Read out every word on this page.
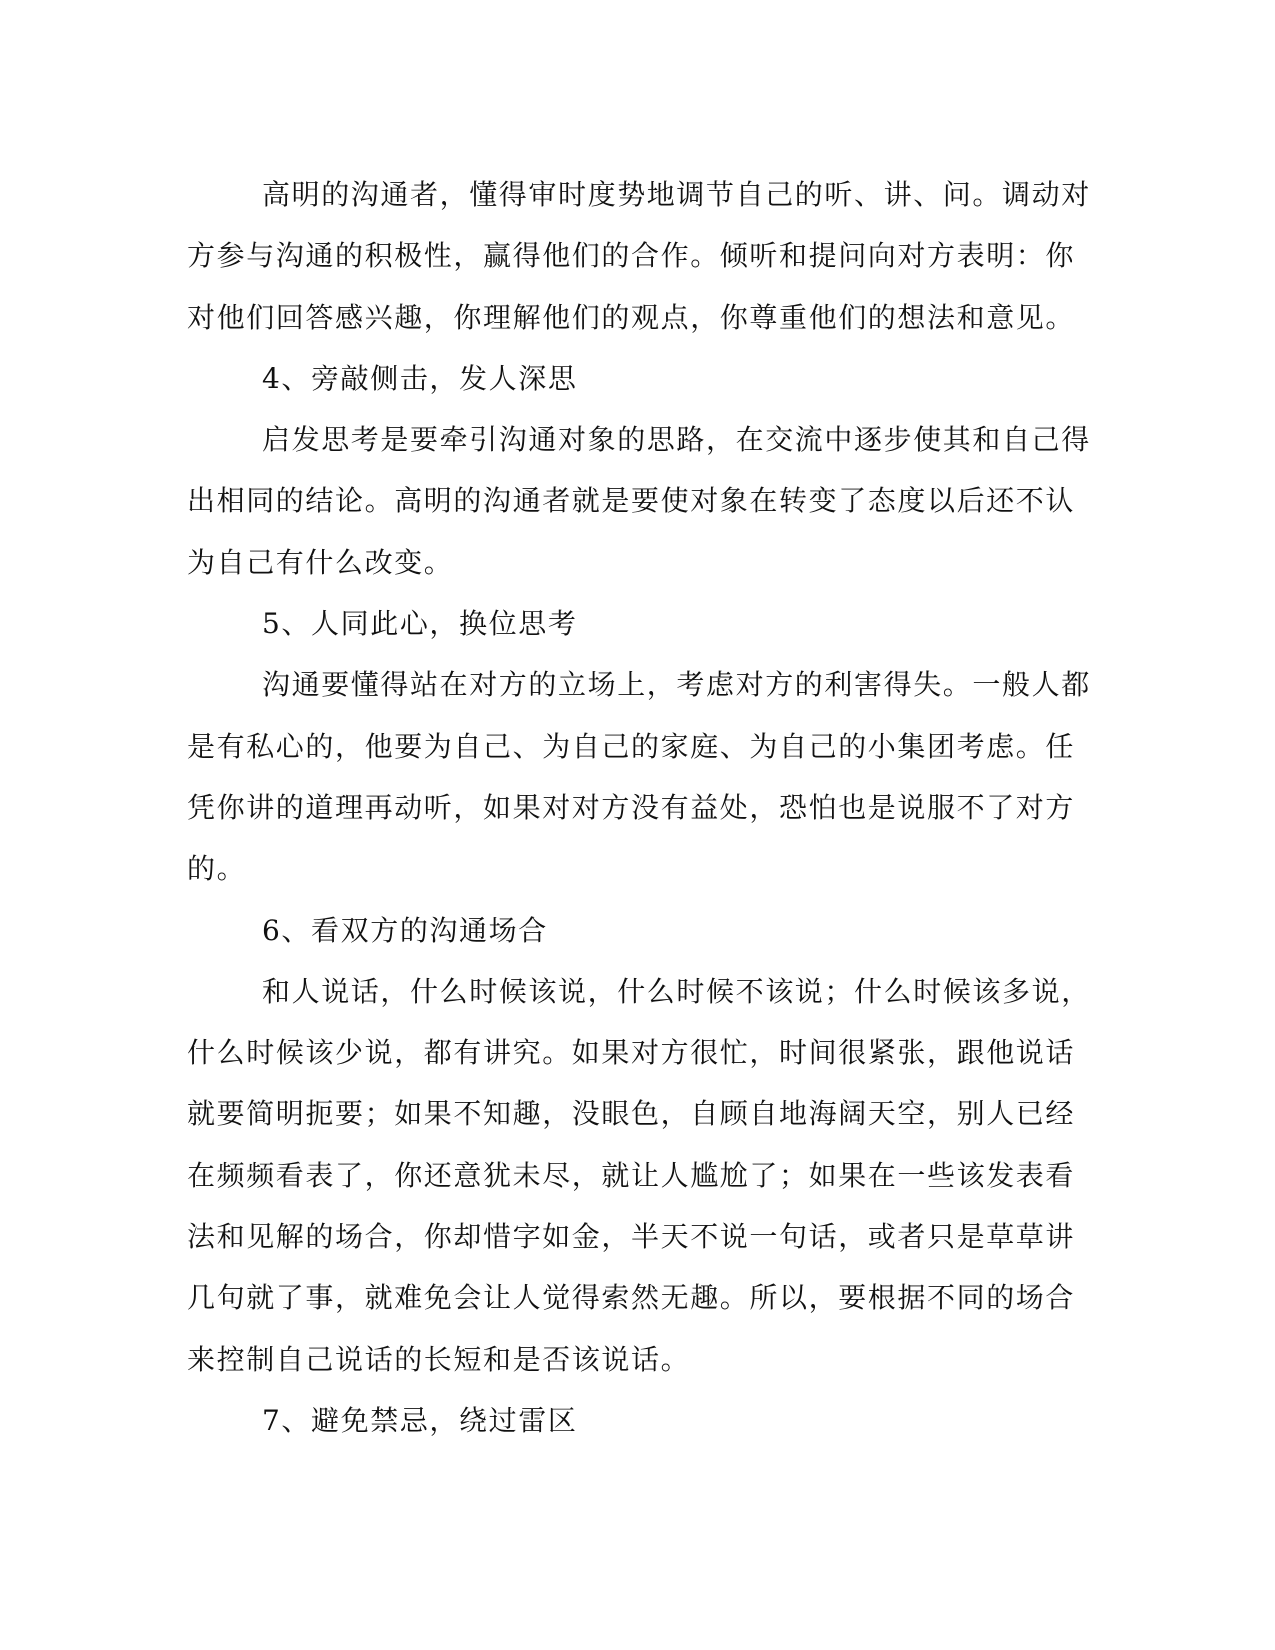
高明的沟通者，懂得审时度势地调节自己的听、讲、问。调动对
方参与沟通的积极性，赢得他们的合作。倾听和提问向对方表明：你
对他们回答感兴趣，你理解他们的观点，你尊重他们的想法和意见。
4、旁敲侧击，发人深思
启发思考是要牵引沟通对象的思路，在交流中逐步使其和自己得
出相同的结论。高明的沟通者就是要使对象在转变了态度以后还不认
为自己有什么改变。
5、人同此心，换位思考
沟通要懂得站在对方的立场上，考虑对方的利害得失。一般人都
是有私心的，他要为自己、为自己的家庭、为自己的小集团考虑。任
凭你讲的道理再动听，如果对对方没有益处，恐怕也是说服不了对方
的。
6、看双方的沟通场合
和人说话，什么时候该说，什么时候不该说；什么时候该多说，
什么时候该少说，都有讲究。如果对方很忙，时间很紧张，跟他说话
就要简明扼要；如果不知趣，没眼色，自顾自地海阔天空，别人已经
在频频看表了，你还意犹未尽，就让人尴尬了；如果在一些该发表看
法和见解的场合，你却惜字如金，半天不说一句话，或者只是草草讲
几句就了事，就难免会让人觉得索然无趣。所以，要根据不同的场合
来控制自己说话的长短和是否该说话。
7、避免禁忌，绕过雷区
